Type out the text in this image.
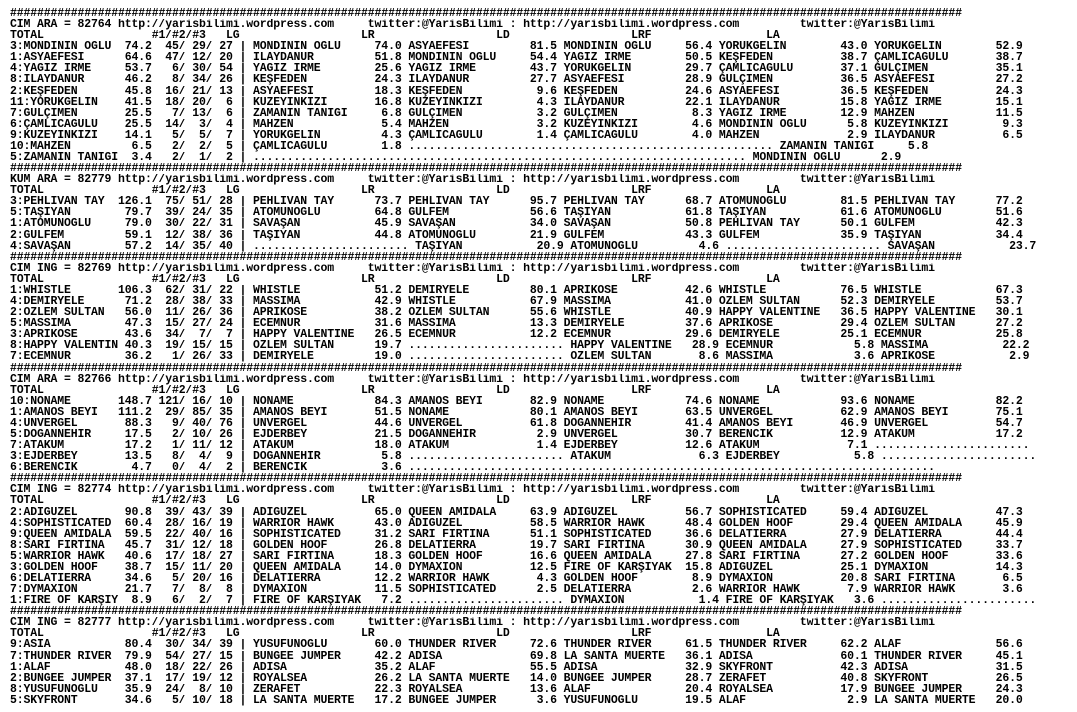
#############################################################################################################################################
CIM ARA = 82764 http://yarisbilimi.wordpress.com     twitter:@YarisBilimi : http://yarisbilimi.wordpress.com         twitter:@YarisBilimi
TOTAL                #1/#2/#3   LG                  LR                  LD                  LRF                 LA
3:MONDİNİN OĞLU  74.2  45/ 29/ 27 | MONDİNİN OĞLU     74.0 ASYAEFESİ         81.5 MONDİNİN OĞLU     56.4 YÖRÜKGELİN        43.0 YÖRÜKGELİN        52.9
1:ASYAEFESİ      64.6  47/ 12/ 20 | İLAYDANUR         51.8 MONDİNİN OĞLU     54.4 YAĞIZ İRME        50.5 KEŞFEDEN          38.7 ÇAMLICAGÜLÜ       38.7
4:YAĞIZ İRME     53.7   6/ 30/ 54 | YAĞIZ İRME        25.6 YAĞIZ İRME        43.7 YÖRÜKGELİN        29.7 ÇAMLICAGÜLÜ       37.1 GÜLÇİMEN          35.1
8:İLAYDANUR      46.2   8/ 34/ 26 | KEŞFEDEN          24.3 İLAYDANUR         27.7 ASYAEFESİ         28.9 GÜLÇİMEN          36.5 ASYAEFESİ         27.2
2:KEŞFEDEN       45.8  16/ 21/ 13 | ASYAEFESİ         18.3 KEŞFEDEN           9.6 KEŞFEDEN          24.6 ASYAEFESİ         36.5 KEŞFEDEN          24.3
11:YÖRÜKGELİN    41.5  18/ 20/  6 | KUZEYİNKIZI       16.8 KUZEYİNKIZI        4.3 İLAYDANUR         22.1 İLAYDANUR         15.8 YAĞIZ İRME        15.1
7:GÜLÇİMEN       25.5   7/ 13/  6 | ZAMANIN TANIĞI     6.8 GÜLÇİMEN           3.2 GÜLÇİMEN           8.3 YAĞIZ İRME        12.9 MAHZEN            11.5
6:ÇAMLICAGÜLÜ    25.5  14/  3/  4 | MAHZEN             5.4 MAHZEN             3.2 KUZEYİNKIZI        4.6 MONDİNİN OĞLU      5.8 KUZEYİNKIZI        9.3
9:KUZEYİNKIZI    14.1   5/  5/  7 | YÖRÜKGELİN         4.3 ÇAMLICAGÜLÜ        1.4 ÇAMLICAGÜLÜ        4.0 MAHZEN             2.9 İLAYDANUR          6.5
10:MAHZEN         6.5   2/  2/  5 | ÇAMLICAGÜLÜ        1.8 ...................................................... ZAMANIN TANIĞI     5.8
5:ZAMANIN TANIĞI  3.4   2/  1/  2 | ......................................................................... MONDİNİN OĞLU      2.9
#############################################################################################################################################
KUM ARA = 82779 http://yarisbilimi.wordpress.com     twitter:@YarisBilimi : http://yarisbilimi.wordpress.com         twitter:@YarisBilimi
TOTAL                #1/#2/#3   LG                  LR                  LD                  LRF                 LA
3:PEHLİVAN TAY  126.1  75/ 51/ 28 | PEHLİVAN TAY      73.7 PEHLİVAN TAY      95.7 PEHLİVAN TAY      68.7 ATOMUNOĞLU        81.5 PEHLİVAN TAY      77.2
5:TAŞIYAN        79.7  39/ 24/ 35 | ATOMUNOĞLU        64.8 GÜLFEM            56.6 TAŞIYAN           61.8 TAŞIYAN           61.6 ATOMUNOĞLU        51.6
1:ATOMUNOĞLU     79.0  30/ 22/ 31 | SAVAŞAN           45.9 SAVAŞAN           34.0 SAVAŞAN           50.8 PEHLİVAN TAY      50.1 GÜLFEM            42.3
2:GÜLFEM         59.1  12/ 38/ 36 | TAŞIYAN           44.8 ATOMUNOĞLU        21.9 GÜLFEM            43.3 GÜLFEM            35.9 TAŞIYAN           34.4
4:SAVAŞAN        57.2  14/ 35/ 40 | ....................... TAŞIYAN           20.9 ATOMUNOĞLU         4.6 ....................... SAVAŞAN           23.7
#############################################################################################################################################
CIM ING = 82769 http://yarisbilimi.wordpress.com     twitter:@YarisBilimi : http://yarisbilimi.wordpress.com         twitter:@YarisBilimi
TOTAL                #1/#2/#3   LG                  LR                  LD                  LRF                 LA
1:WHISTLE       106.3  62/ 31/ 22 | WHISTLE           51.2 DEMİRYELE         80.1 APRİKOSE          42.6 WHISTLE           76.5 WHISTLE           67.3
4:DEMİRYELE      71.2  28/ 38/ 33 | MASSIMA           42.9 WHISTLE           67.9 MASSIMA           41.0 ÖZLEM SULTAN      52.3 DEMİRYELE         53.7
2:ÖZLEM SULTAN   56.0  11/ 26/ 36 | APRİKOSE          38.2 ÖZLEM SULTAN      55.6 WHISTLE           40.9 HAPPY VALENTINE   36.5 HAPPY VALENTINE   30.1
5:MASSIMA        47.3  15/ 27/ 24 | ECEMNUR           31.6 MASSIMA           13.3 DEMİRYELE         37.6 APRİKOSE          29.4 ÖZLEM SULTAN      27.2
3:APRİKOSE       43.6  34/  7/  7 | HAPPY VALENTINE   26.5 ECEMNUR           12.2 ECEMNUR           29.6 DEMİRYELE         25.1 ECEMNUR           25.8
8:HAPPY VALENTIN 40.3  19/ 15/ 15 | ÖZLEM SULTAN      19.7 ....................... HAPPY VALENTINE   28.9 ECEMNUR            5.8 MASSIMA           22.2
7:ECEMNUR        36.2   1/ 26/ 33 | DEMİRYELE         19.0 ....................... ÖZLEM SULTAN       8.6 MASSIMA            3.6 APRİKOSE           2.9
#############################################################################################################################################
CIM ARA = 82766 http://yarisbilimi.wordpress.com     twitter:@YarisBilimi : http://yarisbilimi.wordpress.com         twitter:@YarisBilimi
TOTAL                #1/#2/#3   LG                  LR                  LD                  LRF                 LA
10:NONAME       148.7 121/ 16/ 10 | NONAME            84.3 AMANOS BEYİ       82.9 NONAME            74.6 NONAME            93.6 NONAME            82.2
1:AMANOS BEYİ   111.2  29/ 85/ 35 | AMANOS BEYİ       51.5 NONAME            80.1 AMANOS BEYİ       63.5 ÜNVERGEL          62.9 AMANOS BEYİ       75.1
4:ÜNVERGEL       88.3   9/ 40/ 76 | ÜNVERGEL          44.6 ÜNVERGEL          61.8 DOĞANNEHİR        41.4 AMANOS BEYİ       46.9 ÜNVERGEL          54.7
5:DOĞANNEHİR     17.5   2/ 10/ 26 | EJDERBEY          21.5 DOĞANNEHİR         2.9 ÜNVERGEL          30.7 BERENCİK          12.9 ATAKUM            17.2
7:ATAKUM         17.2   1/ 11/ 12 | ATAKUM            18.0 ATAKUM             1.4 EJDERBEY          12.6 ATAKUM             7.1 .......................
3:EJDERBEY       13.5   8/  4/  9 | DOĞANNEHİR         5.8 ....................... ATAKUM             6.3 EJDERBEY           5.8 .......................
6:BERENCİK        4.7   0/  4/  2 | BERENCİK           3.6 ..............................................................................
#############################################################################################################################################
CIM ING = 82774 http://yarisbilimi.wordpress.com     twitter:@YarisBilimi : http://yarisbilimi.wordpress.com         twitter:@YarisBilimi
TOTAL                #1/#2/#3   LG                  LR                  LD                  LRF                 LA
2:ADIGÜZEL       90.8  39/ 43/ 39 | ADIGÜZEL          65.0 QUEEN AMIDALA     63.9 ADIGÜZEL          56.7 SOPHISTICATED     59.4 ADIGÜZEL          47.3
4:SOPHISTICATED  60.4  28/ 16/ 19 | WARRIOR HAWK      43.0 ADIGÜZEL          58.5 WARRIOR HAWK      48.4 GOLDEN HOOF       29.4 QUEEN AMIDALA     45.9
9:QUEEN AMIDALA  59.5  22/ 40/ 16 | SOPHISTICATED     31.2 SARI FIRTINA      51.1 SOPHISTICATED     36.6 DELATIERRA        27.9 DELATIERRA        44.4
8:SARI FIRTINA   45.7  31/ 12/ 18 | GOLDEN HOOF       26.8 DELATIERRA        19.7 SARI FIRTINA      30.9 QUEEN AMIDALA     27.9 SOPHISTICATED     33.7
5:WARRIOR HAWK   40.6  17/ 18/ 27 | SARI FIRTINA      18.3 GOLDEN HOOF       16.6 QUEEN AMIDALA     27.8 SARI FIRTINA      27.2 GOLDEN HOOF       33.6
3:GOLDEN HOOF    38.7  15/ 11/ 20 | QUEEN AMIDALA     14.0 DYMAXION          12.5 FIRE OF KARŞIYAK  15.8 ADIGÜZEL          25.1 DYMAXION          14.3
6:DELATIERRA     34.6   5/ 20/ 16 | DELATIERRA        12.2 WARRIOR HAWK       4.3 GOLDEN HOOF        8.9 DYMAXION          20.8 SARI FIRTINA       6.5
7:DYMAXION       21.7   7/  8/  8 | DYMAXION          11.5 SOPHISTICATED      2.5 DELATIERRA         2.6 WARRIOR HAWK       7.9 WARRIOR HAWK       3.6
1:FIRE OF KARŞIY  8.9   6/  2/  7 | FIRE OF KARŞIYAK   7.2 ....................... DYMAXION           1.4 FIRE OF KARŞIYAK   3.6 .......................
#############################################################################################################################################
CIM ING = 82777 http://yarisbilimi.wordpress.com     twitter:@YarisBilimi : http://yarisbilimi.wordpress.com         twitter:@YarisBilimi
TOTAL                #1/#2/#3   LG                  LR                  LD                  LRF                 LA
9:ASIA           80.4  30/ 34/ 39 | YUSUFUNOĞLU       60.0 THUNDER RIVER     72.6 THUNDER RIVER     61.5 THUNDER RIVER     62.2 ALAF              56.6
7:THUNDER RIVER  79.9  54/ 27/ 15 | BUNGEE JUMPER     42.2 ADİSA             69.8 LA SANTA MUERTE   36.1 ADİSA             60.1 THUNDER RIVER     45.1
1:ALAF           48.0  18/ 22/ 26 | ADİSA             35.2 ALAF              55.5 ADİSA             32.9 SKYFRONT          42.3 ADİSA             31.5
2:BUNGEE JUMPER  37.1  17/ 19/ 12 | ROYALSEA          26.2 LA SANTA MUERTE   14.0 BUNGEE JUMPER     28.7 ZERAFET           40.8 SKYFRONT          26.5
8:YUSUFUNOĞLU    35.9  24/  8/ 10 | ZERAFET           22.3 ROYALSEA          13.6 ALAF              20.4 ROYALSEA          17.9 BUNGEE JUMPER     24.3
5:SKYFRONT       34.6   5/ 10/ 18 | LA SANTA MUERTE   17.2 BUNGEE JUMPER      3.6 YUSUFUNOĞLU       19.5 ALAF               2.9 LA SANTA MUERTE   20.0
